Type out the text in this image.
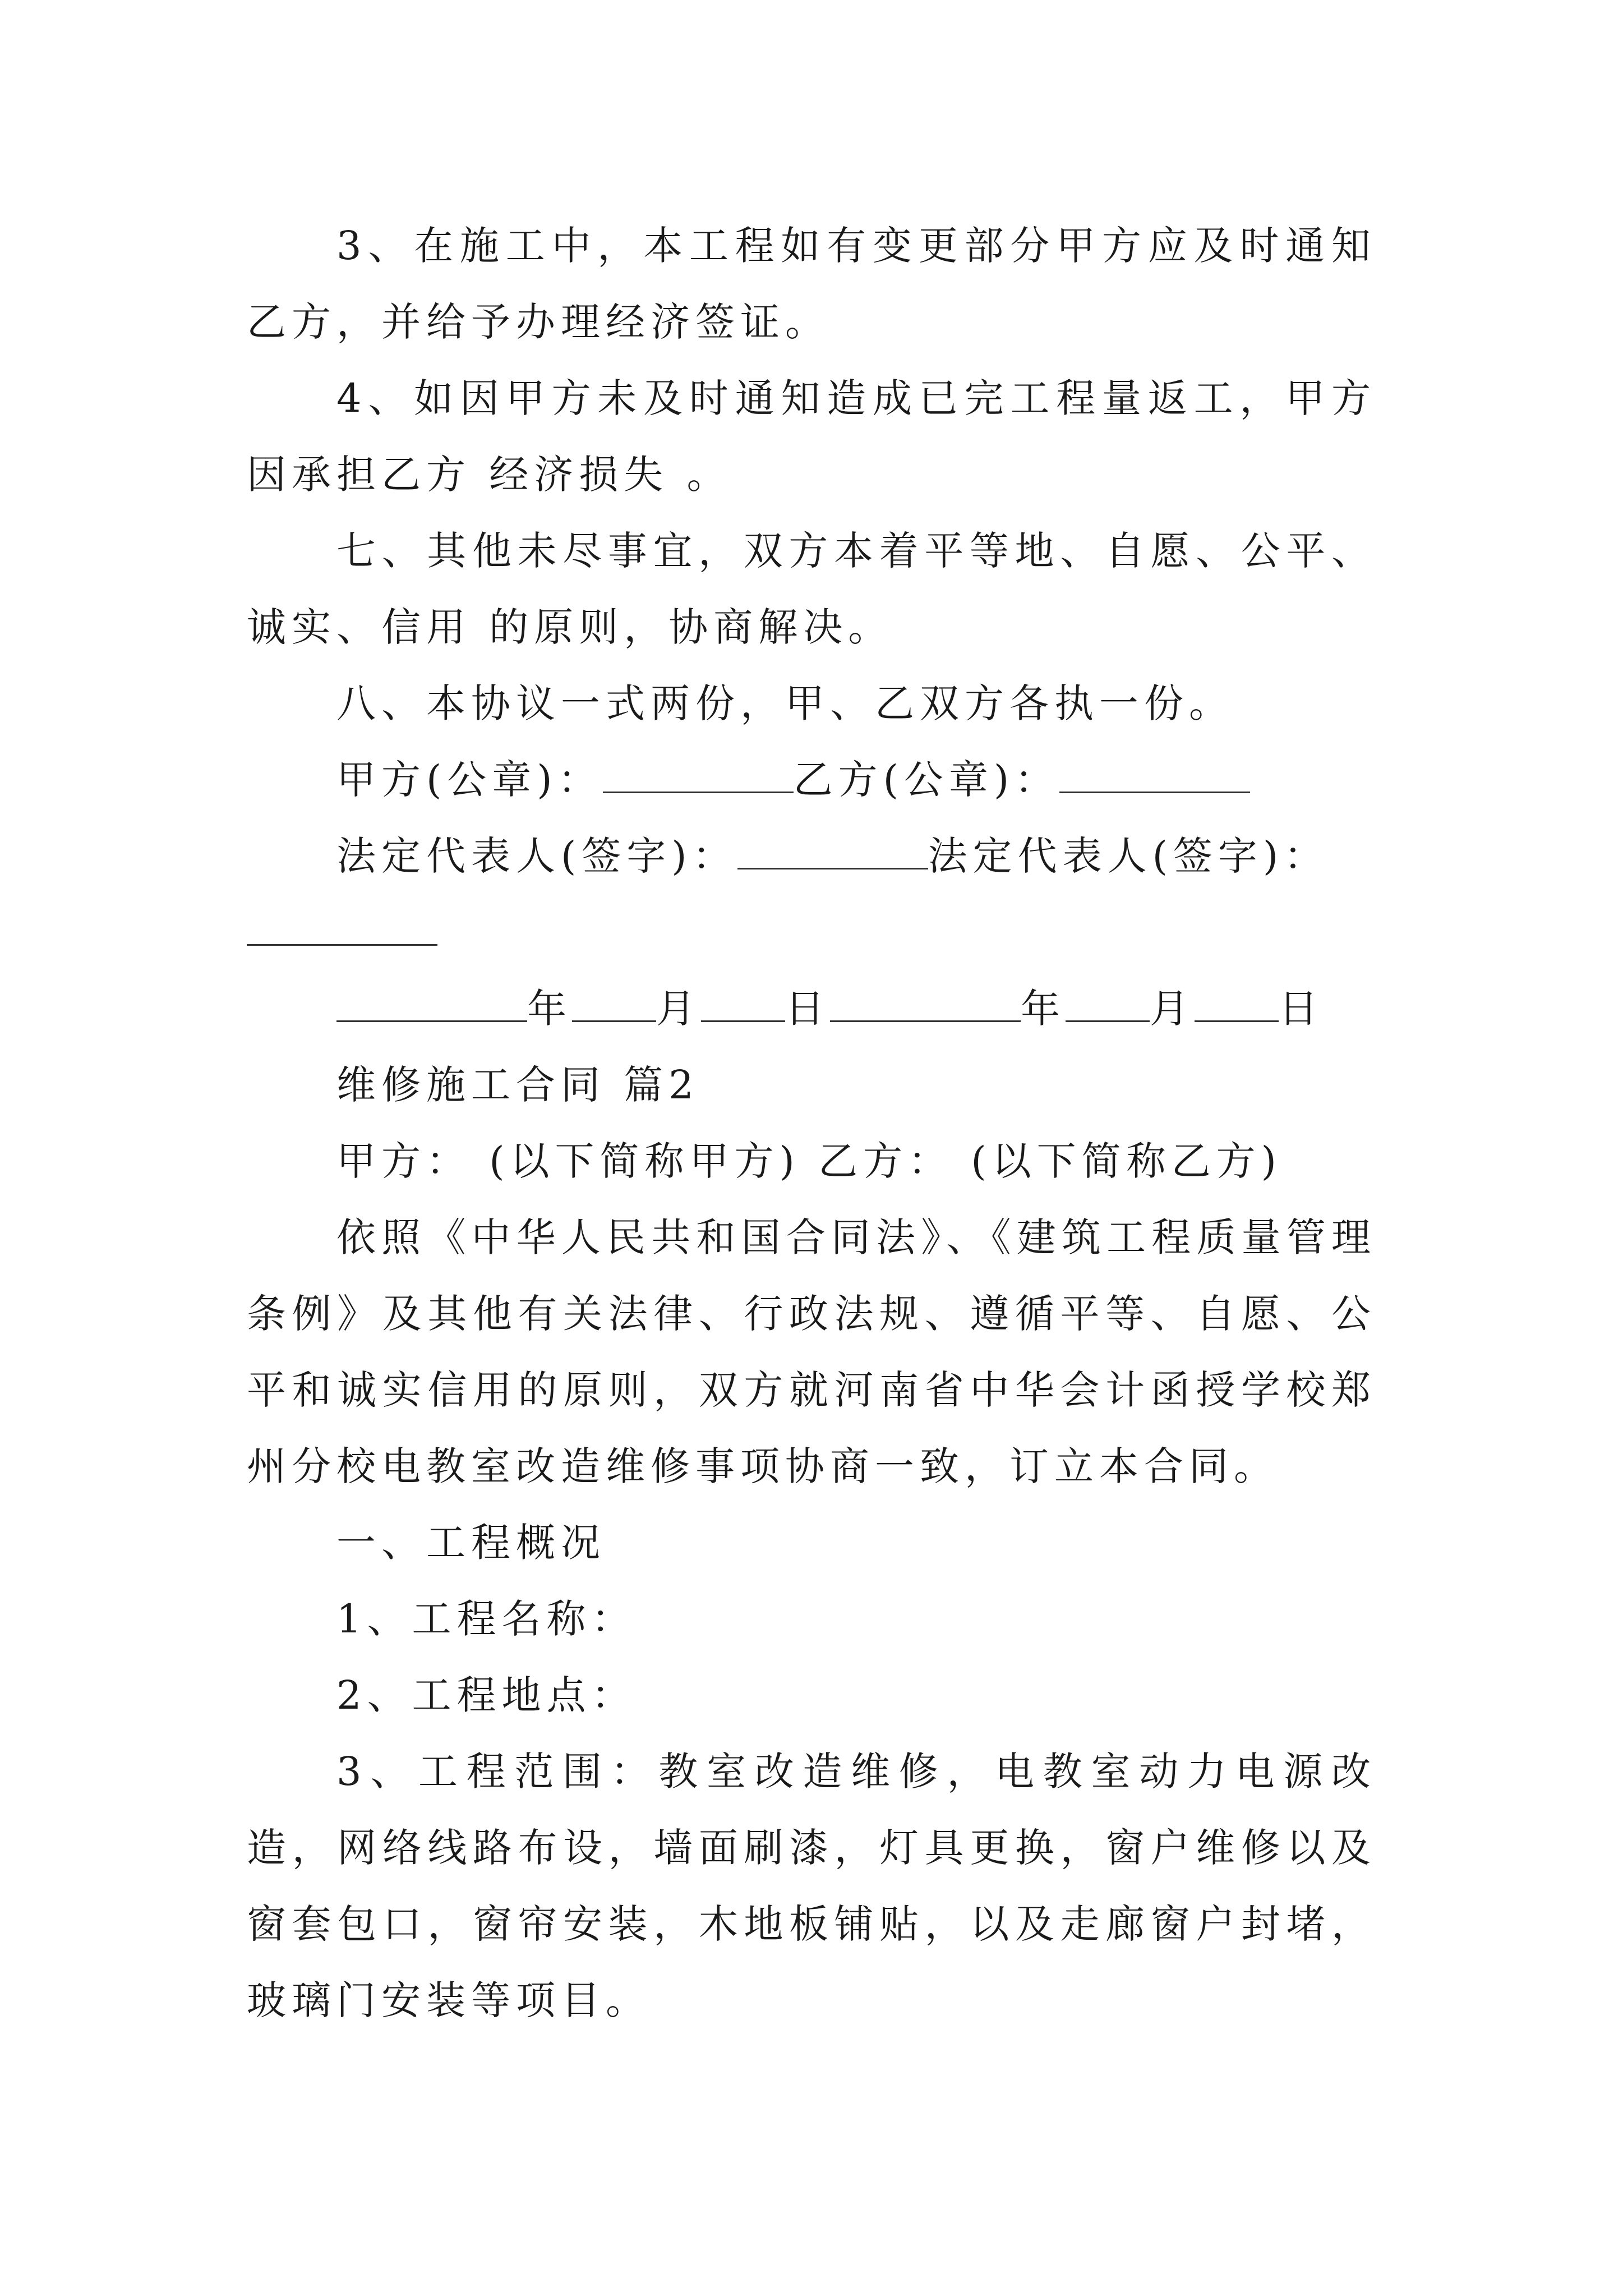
3、在施工中，本工程如有变更部分甲方应及时通知乙方，并给予办理经济签证。

4、如因甲方未及时通知造成已完工程量返工，甲方因承担乙方 经济损失 。

七、其他未尽事宜，双方本着平等地、自愿、公平、诚实、信用 的原则，协商解决。

八、本协议一式两份，甲、乙双方各执一份。

甲方(公章)：	乙方(公章)：

法定代表人(签字)：	法定代表人(签字)：

年 月 日	年 月 日

维修施工合同 篇2

甲方： (以下简称甲方) 乙方： (以下简称乙方)

依照《中华人民共和国合同法》、《建筑工程质量管理条例》及其他有关法律、行政法规、遵循平等、自愿、公平和诚实信用的原则，双方就河南省中华会计函授学校郑州分校电教室改造维修事项协商一致，订立本合同。

一、工程概况

1、工程名称：

2、工程地点：

3、工程范围：教室改造维修，电教室动力电源改造，网络线路布设，墙面刷漆，灯具更换，窗户维修以及窗套包口，窗帘安装，木地板铺贴，以及走廊窗户封堵，玻璃门安装等项目。
